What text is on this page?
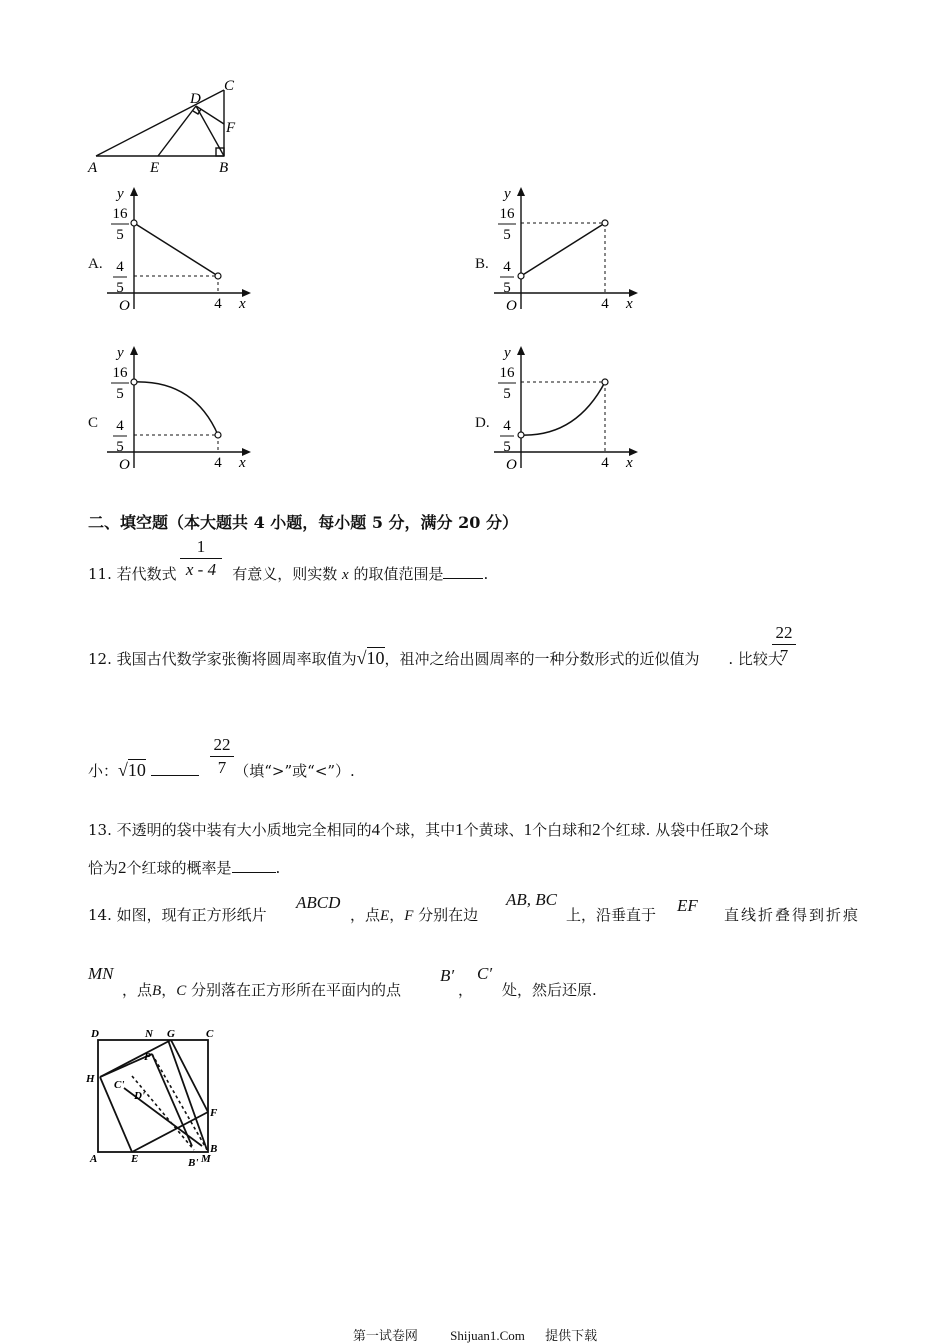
A	E	B
C
D
F
A.	B.
C	D.
y
x
O	4
16
5
4
5
y
x
O	4
16
5
4
5
y
x
O	4
16
5
4
5
y
x
O	4
16
5
4
5
二、填空题（本大题共 4 小题，每小题 5 分，满分 20 分）
11. 若代数式	有意义，则实数 x 的取值范围是	.
1
x - 4
12. 我国古代数学家张衡将圆周率取值为√10，祖冲之给出圆周率的一种分数形式的近似值为 . 比较大
22
7
小：√10	（填“>”或“<”）.
22
7
13. 不透明的袋中装有大小质地完全相同的4个球，其中1个黄球、1个白球和2个红球. 从袋中任取2个球
恰为2个红球的概率是	.
14. 如图，现有正方形纸片
ABCD
，点E，F 分别在边
AB, BC
上，沿垂直于 EF 直线折叠得到折痕
MN
，点B，C 分别落在正方形所在平面内的点
B′
，
C′
处，然后还原.
D	N G	C
P
H C'
D'
F
A	E	B' M
B
第一试卷网 Shijuan1.Com 提供下载
